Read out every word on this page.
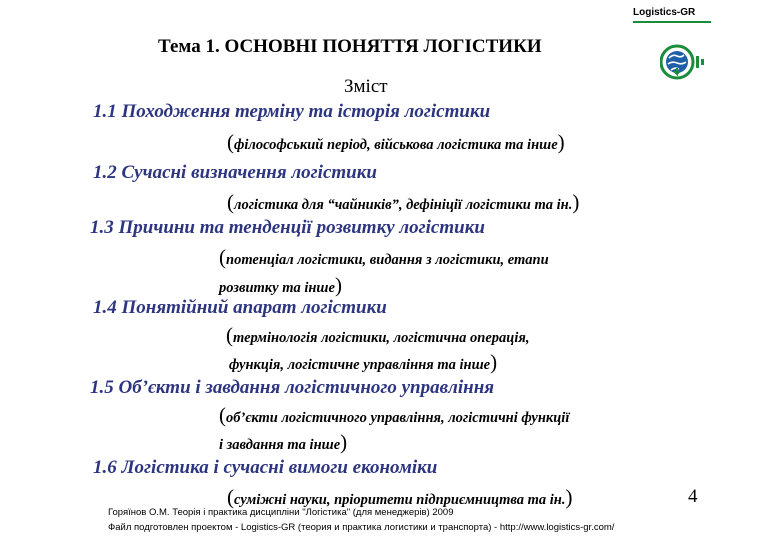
Тема 1. ОСНОВНІ ПОНЯТТЯ ЛОГІСТИКИ
Зміст
Logistics-GR
1.1 Походження терміну та історія логістики
(філософський період, військова логістика та інше)
1.2 Сучасні визначення логістики
(логістика для “чайників”, дефініції логістики та ін.)
1.3 Причини та тенденції розвитку логістики
(потенціал логістики, видання з логістики, етапи
розвитку та інше)
1.4 Понятійний апарат логістики
(термінологія логістики, логістична операція,
функція, логістичне управління та інше)
1.5 Об’єкти і завдання логістичного управління
(об’єкти логістичного управління, логістичні функції
і завдання та інше)
1.6 Логістика і сучасні вимоги економіки
(суміжні науки, пріоритети підприємництва та ін.)	4
Горяїнов О.М. Теорія і практика дисципліни "Логістика" (для менеджерів) 2009
Файл подготовлен проектом - Logistics-GR (теория и практика логистики и транспорта) - http://www.logistics-gr.com/
